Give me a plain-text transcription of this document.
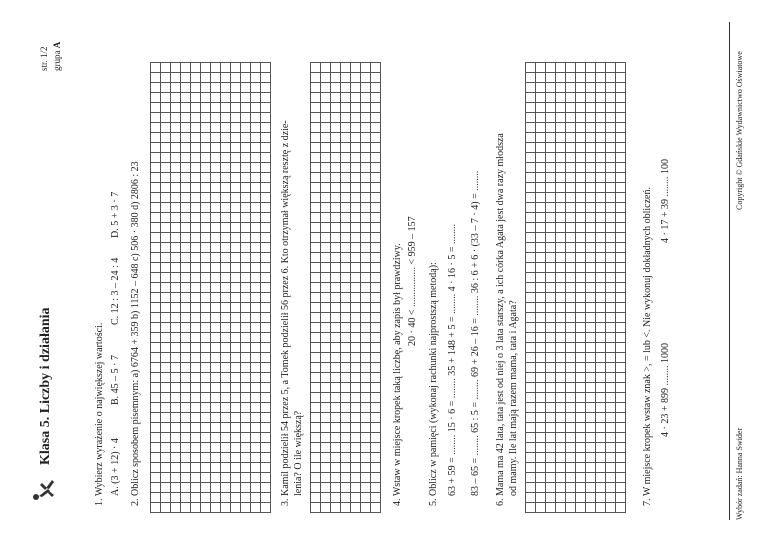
Klasa 5. Liczby i działania
str. 1/2 grupa A
1. Wybierz wyrażenie o największej wartości. A. (3 + 12) · 4
B. 45 – 5 · 7
C. 12 : 3 – 24 : 4
D. 5 + 3 · 7 2. Oblicz sposobem pisemnym: a) 6764 + 359 b) 1152 – 648 c) 506 · 380 d) 2806 : 23	3. Kamil podzielił 54 przez 5, a Tomek podzielił 56 przez 6. Kto otrzymał większą resztę z dzie- lenia? O ile większą?	4. Wstaw w miejsce kropek taką liczbę, aby zapis był prawdziwy. 20 · 40 < ................ < 959 – 157 5. Oblicz w pamięci (wykonaj rachunki najprostszą metodą): 63 + 59 = ........ 15 · 6 = ........ 35 + 148 + 5 = ........ 4 · 16 · 5 = ........ 83 – 65 = ........ 65 : 5 = ........ 69 + 26 – 16 = ........ 36 : 6 + 6 · (33 – 7 · 4) = ........ 6. Mama ma 42 lata, tata jest od niej o 3 lata starszy, a ich córka Agata jest dwa razy młodsza od mamy. Ile lat mają razem mama, tata i Agata?	7. W miejsce kropek wstaw znak >, = lub <. Nie wykonuj dokładnych obliczeń. 4 · 23 + 899 ........ 1000
4 · 17 + 39 ........ 100
Wybór zadań: Hanna Swider
Copyright © Gdańskie Wydawnictwo Oświatowe
